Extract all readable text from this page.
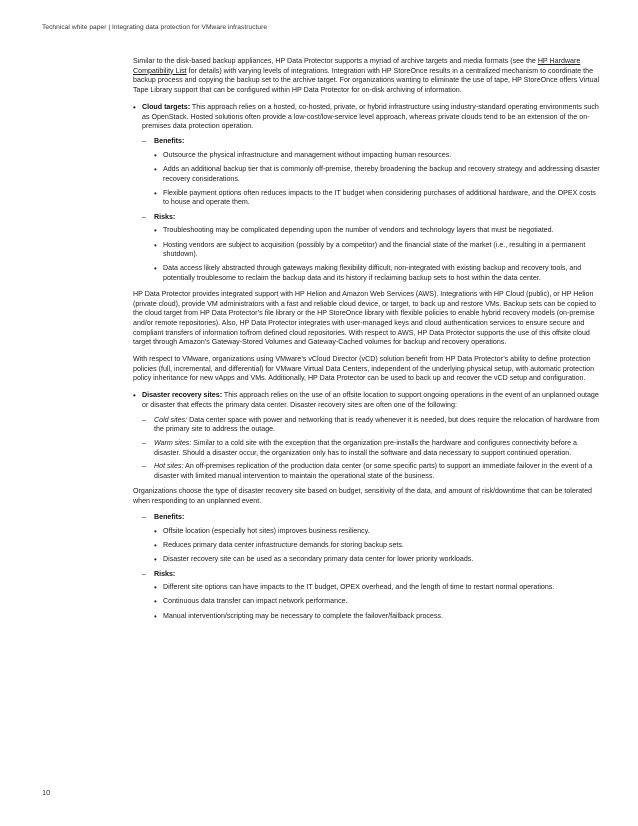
Technical white paper | Integrating data protection for VMware infrastructure

Similar to the disk-based backup appliances, HP Data Protector supports a myriad of archive targets and media formats (see the HP Hardware Compatibility List for details) with varying levels of integrations. Integration with HP StoreOnce results in a centralized mechanism to coordinate the backup process and copying the backup set to the archive target. For organizations wanting to eliminate the use of tape, HP StoreOnce offers Virtual Tape Library support that can be configured within HP Data Protector for on-disk archiving of information.

• Cloud targets: This approach relies on a hosted, co-hosted, private, or hybrid infrastructure using industry-standard operating environments such as OpenStack. Hosted solutions often provide a low-cost/low-service level approach, whereas private clouds tend to be an extension of the on-premises data protection operation.
– Benefits:
• Outsource the physical infrastructure and management without impacting human resources.
• Adds an additional backup tier that is commonly off-premise, thereby broadening the backup and recovery strategy and addressing disaster recovery considerations.
• Flexible payment options often reduces impacts to the IT budget when considering purchases of additional hardware, and the OPEX costs to house and operate them.
– Risks:
• Troubleshooting may be complicated depending upon the number of vendors and technology layers that must be negotiated.
• Hosting vendors are subject to acquisition (possibly by a competitor) and the financial state of the market (i.e., resulting in a permanent shutdown).
• Data access likely abstracted through gateways making flexibility difficult, non-integrated with existing backup and recovery tools, and potentially troublesome to reclaim the backup data and its history if reclaiming backup sets to host within the data center.

HP Data Protector provides integrated support with HP Helion and Amazon Web Services (AWS). Integrations with HP Cloud (public), or HP Helion (private cloud), provide VM administrators with a fast and reliable cloud device, or target, to back up and restore VMs. Backup sets can be copied to the cloud target from HP Data Protector’s file library or the HP StoreOnce library with flexible policies to enable hybrid recovery models (on-premise and/or remote repositories). Also, HP Data Protector integrates with user-managed keys and cloud authentication services to ensure secure and compliant transfers of information to/from defined cloud repositories. With respect to AWS, HP Data Protector supports the use of this offsite cloud target through Amazon’s Gateway-Stored Volumes and Gateway-Cached volumes for backup and recovery operations.

With respect to VMware, organizations using VMware’s vCloud Director (vCD) solution benefit from HP Data Protector’s ability to define protection policies (full, incremental, and differential) for VMware Virtual Data Centers, independent of the underlying physical setup, with automatic protection policy inheritance for new vApps and VMs. Additionally, HP Data Protector can be used to back up and recover the vCD setup and configuration.

• Disaster recovery sites: This approach relies on the use of an offsite location to support ongoing operations in the event of an unplanned outage or disaster that effects the primary data center. Disaster recovery sites are often one of the following:
– Cold sites: Data center space with power and networking that is ready whenever it is needed, but does require the relocation of hardware from the primary site to address the outage.
– Warm sites: Similar to a cold site with the exception that the organization pre-installs the hardware and configures connectivity before a disaster. Should a disaster occur, the organization only has to install the software and data necessary to support continued operation.
– Hot sites: An off-premises replication of the production data center (or some specific parts) to support an immediate failover in the event of a disaster with limited manual intervention to maintain the operational state of the business.

Organizations choose the type of disaster recovery site based on budget, sensitivity of the data, and amount of risk/downtime that can be tolerated when responding to an unplanned event.

– Benefits:
• Offsite location (especially hot sites) improves business resiliency.
• Reduces primary data center infrastructure demands for storing backup sets.
• Disaster recovery site can be used as a secondary primary data center for lower priority workloads.
– Risks:
• Different site options can have impacts to the IT budget, OPEX overhead, and the length of time to restart normal operations.
• Continuous data transfer can impact network performance.
• Manual intervention/scripting may be necessary to complete the failover/failback process.
10
